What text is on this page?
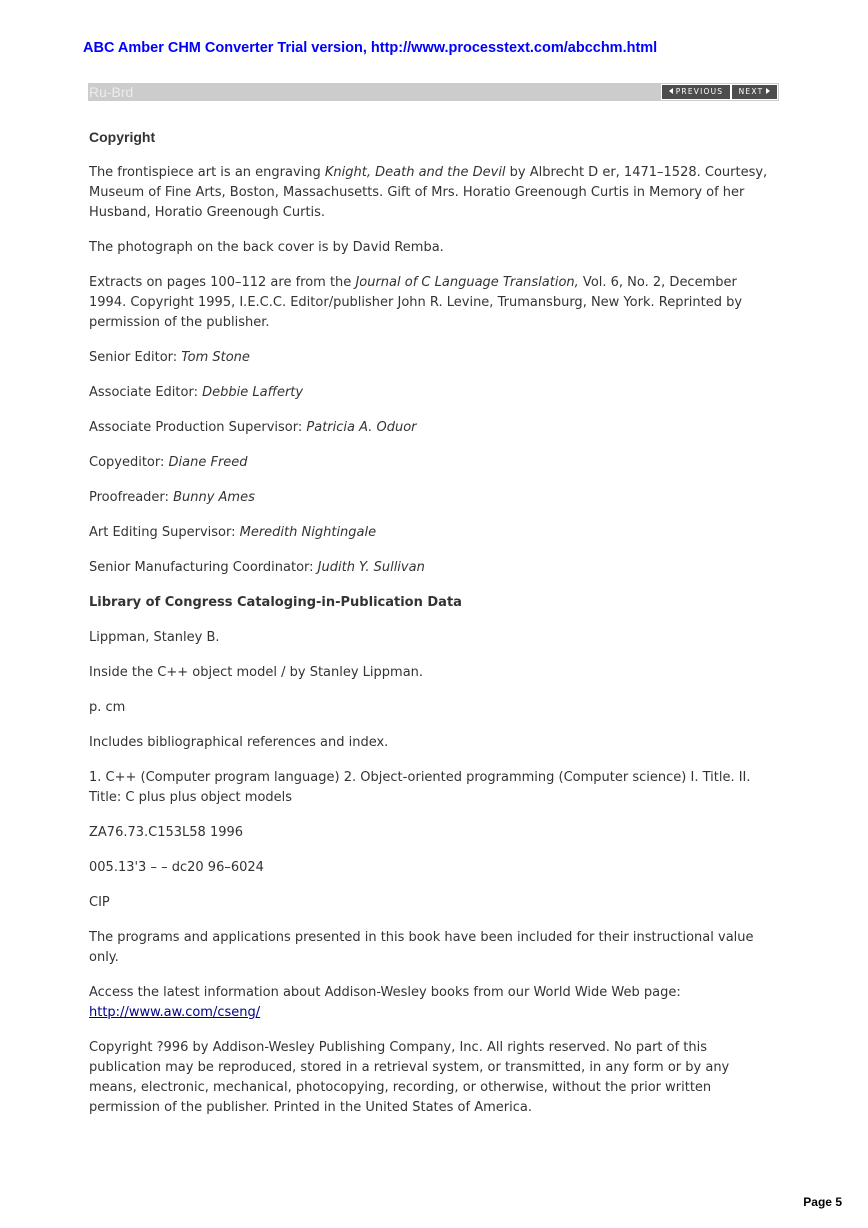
ABC Amber CHM Converter Trial version, http://www.processtext.com/abcchm.html
Ru-Brd	PREVIOUS	NEXT
Copyright

The frontispiece art is an engraving Knight, Death and the Devil by Albrecht D er, 1471–1528. Courtesy, Museum of Fine Arts, Boston, Massachusetts. Gift of Mrs. Horatio Greenough Curtis in Memory of her Husband, Horatio Greenough Curtis.

The photograph on the back cover is by David Remba.

Extracts on pages 100–112 are from the Journal of C Language Translation, Vol. 6, No. 2, December 1994. Copyright 1995, I.E.C.C. Editor/publisher John R. Levine, Trumansburg, New York. Reprinted by permission of the publisher.

Senior Editor: Tom Stone

Associate Editor: Debbie Lafferty

Associate Production Supervisor: Patricia A. Oduor

Copyeditor: Diane Freed

Proofreader: Bunny Ames

Art Editing Supervisor: Meredith Nightingale

Senior Manufacturing Coordinator: Judith Y. Sullivan

Library of Congress Cataloging-in-Publication Data

Lippman, Stanley B.

Inside the C++ object model / by Stanley Lippman.

p. cm

Includes bibliographical references and index.

1. C++ (Computer program language) 2. Object-oriented programming (Computer science) I. Title. II. Title: C plus plus object models

ZA76.73.C153L58 1996

005.13'3 – – dc20 96–6024

CIP

The programs and applications presented in this book have been included for their instructional value only.

Access the latest information about Addison-Wesley books from our World Wide Web page: http://www.aw.com/cseng/

Copyright ?996 by Addison-Wesley Publishing Company, Inc. All rights reserved. No part of this publication may be reproduced, stored in a retrieval system, or transmitted, in any form or by any means, electronic, mechanical, photocopying, recording, or otherwise, without the prior written permission of the publisher. Printed in the United States of America.

Page 5
